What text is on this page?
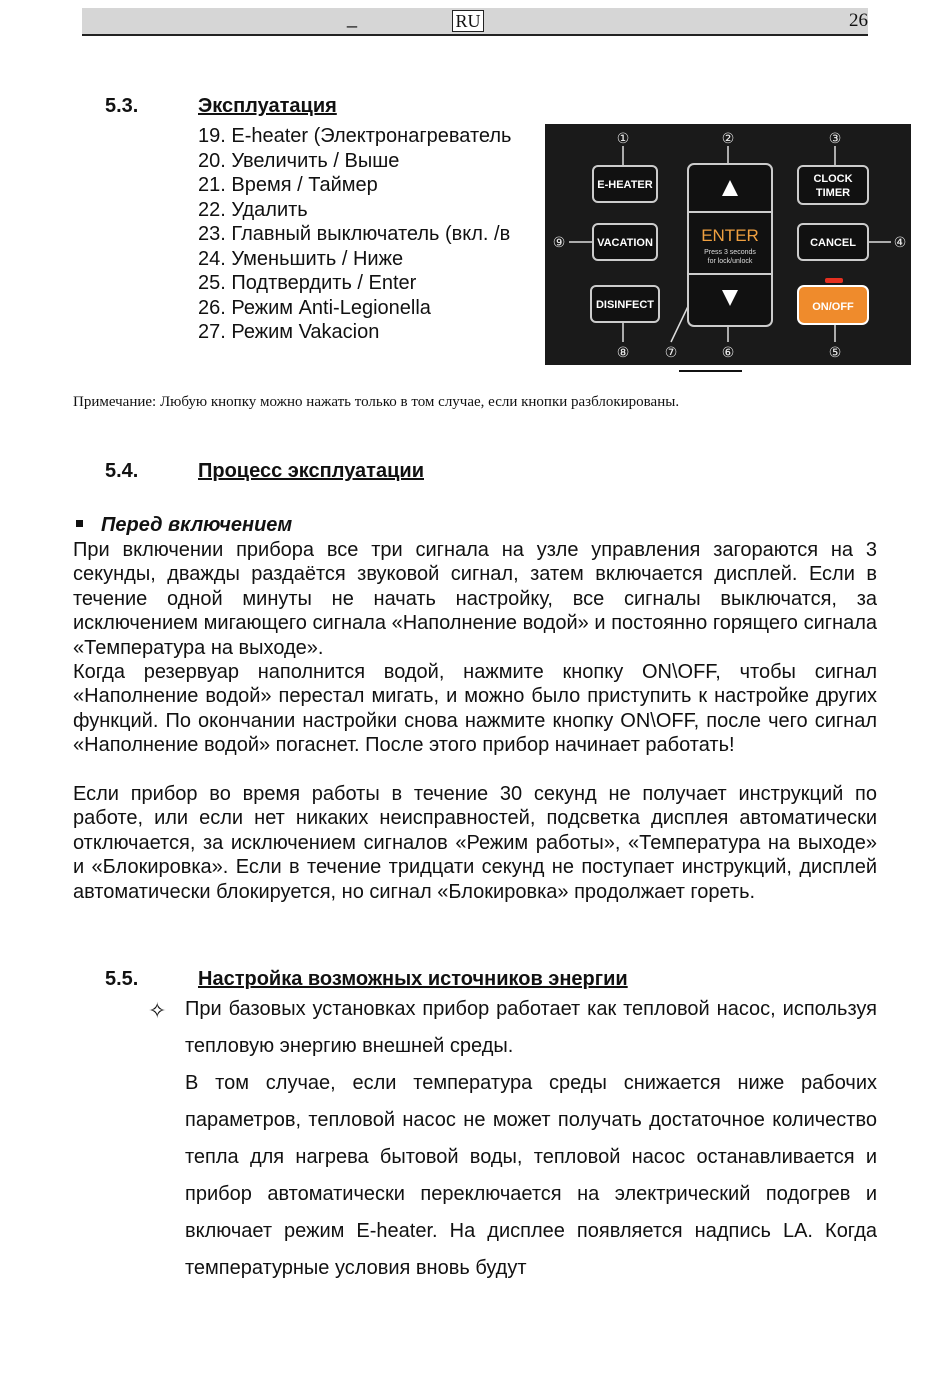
_	RU	26
5.3.	Эксплуатация
19. E-heater (Электронагреватель
20. Увеличить / Выше
21. Время / Таймер
22. Удалить
23. Главный выключатель (вкл. /в
24. Уменьшить / Ниже
25. Подтвердить / Enter
26. Режим Anti-Legionella
27. Режим Vakacion
①	②	③
④
⑤
⑥
⑦
⑧
⑨
E-HEATER
ENTER
Press 3 seconds
for lock/unlock
CLOCK
TIMER
VACATION	CANCEL
DISINFECT	ON/OFF
Примечание: Любую кнопку можно нажать только в том случае, если кнопки разблокированы.
5.4.	Процесс эксплуатации
Перед включением
При включении прибора все три сигнала на узле управления загораются на 3 секунды, дважды раздаётся звуковой сигнал, затем включается дисплей. Если в течение одной минуты не начать настройку, все сигналы выключатся, за исключением мигающего сигнала «Наполнение водой» и постоянно горящего сигнала «Температура на выходе».
Когда резервуар наполнится водой, нажмите кнопку ON\OFF, чтобы сигнал «Наполнение водой» перестал мигать, и можно было приступить к настройке других функций. По окончании настройки снова нажмите кнопку ON\OFF, после чего сигнал «Наполнение водой» погаснет. После этого прибор начинает работать!
Если прибор во время работы в течение 30 секунд не получает инструкций по работе, или если нет никаких неисправностей, подсветка дисплея автоматически отключается, за исключением сигналов «Режим работы», «Температура на выходе» и «Блокировка». Если в течение тридцати секунд не поступает инструкций, дисплей автоматически блокируется, но сигнал «Блокировка» продолжает гореть.
5.5.	Настройка возможных источников энергии
✧ При базовых установках прибор работает как тепловой насос, используя тепловую энергию внешней среды.
В том случае, если температура среды снижается ниже рабочих параметров, тепловой насос не может получать достаточное количество тепла для нагрева бытовой воды, тепловой насос останавливается и прибор автоматически переключается на электрический подогрев и включает режим E-heater. На дисплее появляется надпись LA. Когда температурные условия вновь будут
